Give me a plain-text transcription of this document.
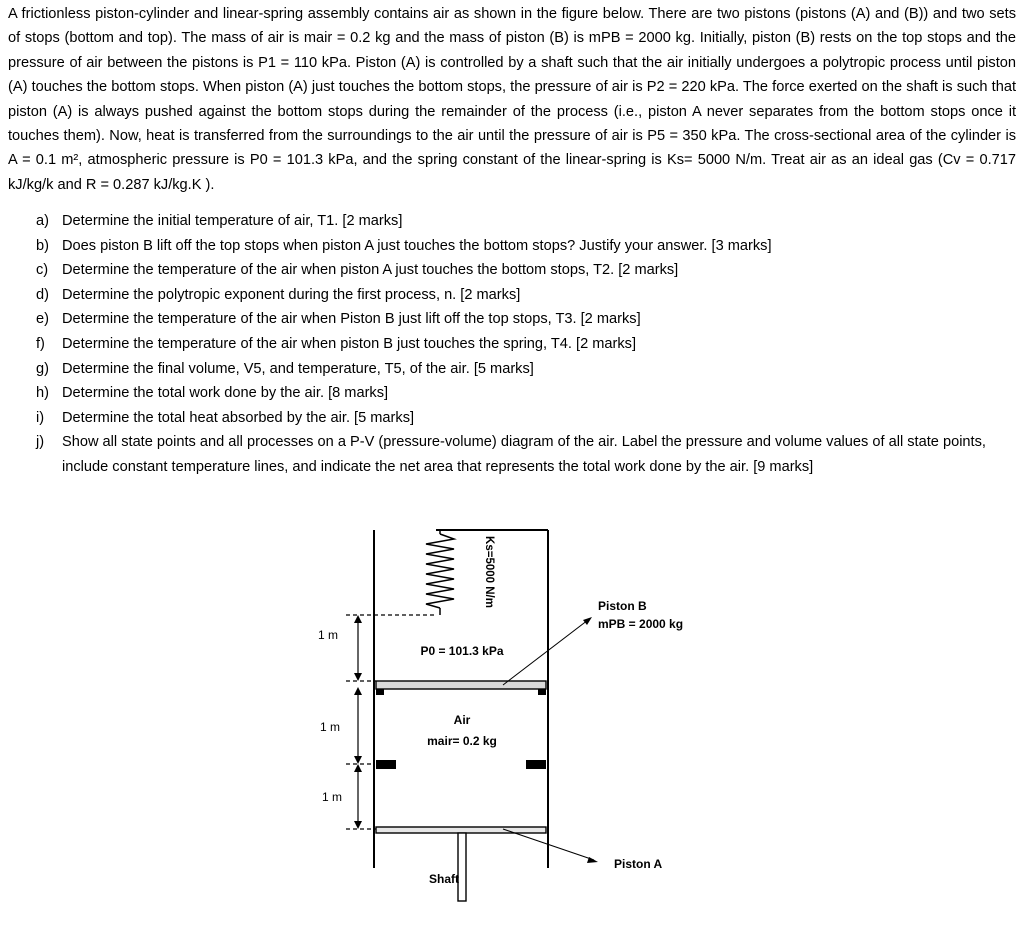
A frictionless piston-cylinder and linear-spring assembly contains air as shown in the figure below. There are two pistons (pistons (A) and (B)) and two sets of stops (bottom and top). The mass of air is mair = 0.2 kg and the mass of piston (B) is mPB = 2000 kg. Initially, piston (B) rests on the top stops and the pressure of air between the pistons is P1 = 110 kPa. Piston (A) is controlled by a shaft such that the air initially undergoes a polytropic process until piston (A) touches the bottom stops. When piston (A) just touches the bottom stops, the pressure of air is P2 = 220 kPa. The force exerted on the shaft is such that piston (A) is always pushed against the bottom stops during the remainder of the process (i.e., piston A never separates from the bottom stops once it touches them). Now, heat is transferred from the surroundings to the air until the pressure of air is P5 = 350 kPa. The cross-sectional area of the cylinder is A = 0.1 m², atmospheric pressure is P0 = 101.3 kPa, and the spring constant of the linear-spring is Ks= 5000 N/m. Treat air as an ideal gas (Cv = 0.717 kJ/kg/k and R = 0.287 kJ/kg.K ).
a) Determine the initial temperature of air, T1. [2 marks]
b) Does piston B lift off the top stops when piston A just touches the bottom stops? Justify your answer. [3 marks]
c) Determine the temperature of the air when piston A just touches the bottom stops, T2. [2 marks]
d) Determine the polytropic exponent during the first process, n. [2 marks]
e) Determine the temperature of the air when Piston B just lift off the top stops, T3. [2 marks]
f) Determine the temperature of the air when piston B just touches the spring, T4. [2 marks]
g) Determine the final volume, V5, and temperature, T5, of the air. [5 marks]
h) Determine the total work done by the air. [8 marks]
i) Determine the total heat absorbed by the air. [5 marks]
j) Show all state points and all processes on a P-V (pressure-volume) diagram of the air. Label the pressure and volume values of all state points, include constant temperature lines, and indicate the net area that represents the total work done by the air. [9 marks]
Ks=5000 N/m
P0 = 101.3 kPa
Air
mair= 0.2 kg
Shaft
1 m
1 m
1 m
Piston B
mPB = 2000 kg
Piston A
